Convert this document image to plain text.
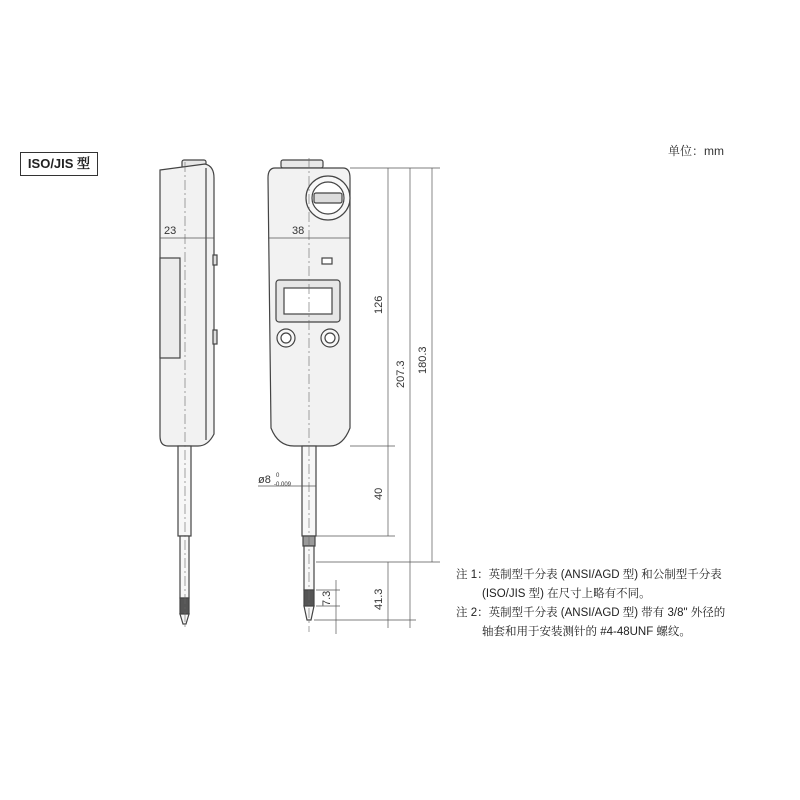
ISO/JIS 型
单位：mm
23	38
126
207.3
180.3
40
41.3
7.3
ø8 0
-0.009
注 1：英制型千分表 (ANSI/AGD 型) 和公制型千分表
(ISO/JIS 型) 在尺寸上略有不同。
注 2：英制型千分表 (ANSI/AGD 型) 带有 3/8" 外径的
轴套和用于安装测针的 #4-48UNF 螺纹。
